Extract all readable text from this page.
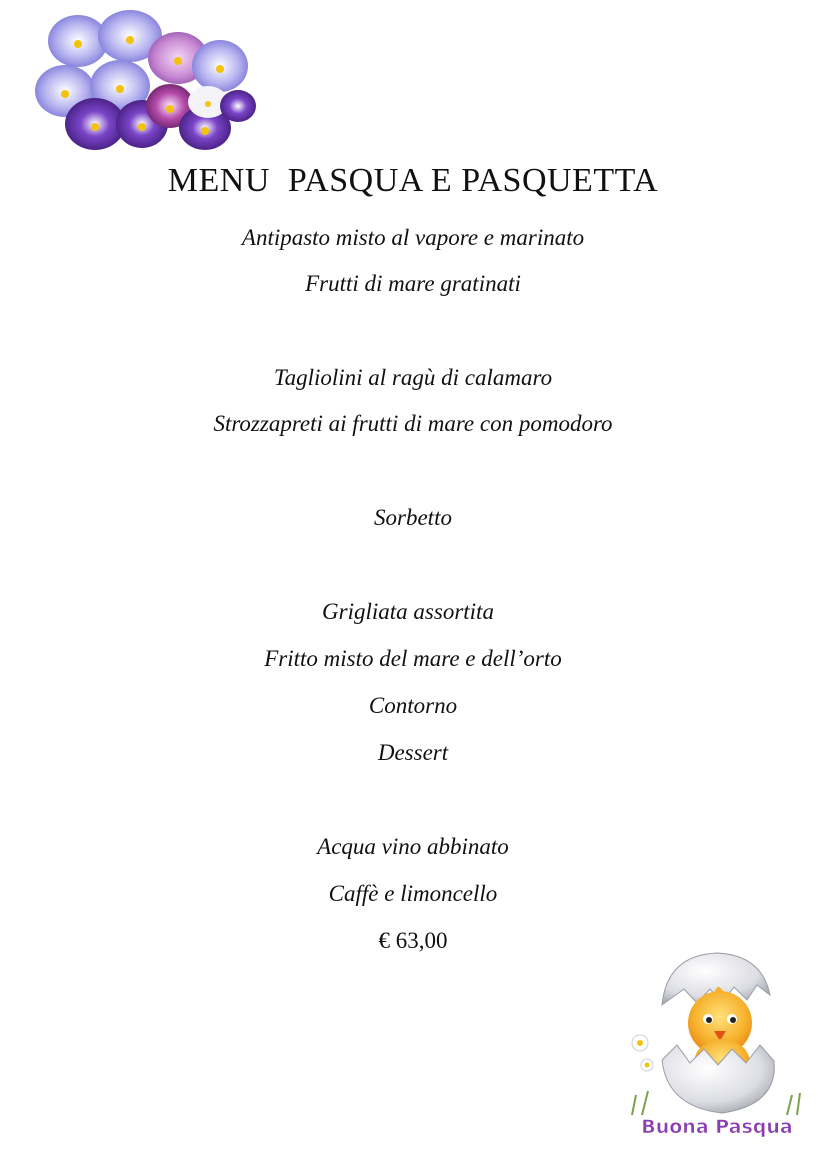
MENU  PASQUA E PASQUETTA
Antipasto misto al vapore e marinato
Frutti di mare gratinati
Tagliolini al ragù di calamaro
Strozzapreti ai frutti di mare con pomodoro
Sorbetto
Grigliata assortita
Fritto misto del mare e dell’orto
Contorno
Dessert
Acqua vino abbinato
Caffè e limoncello
€ 63,00
Buona Pasqua
